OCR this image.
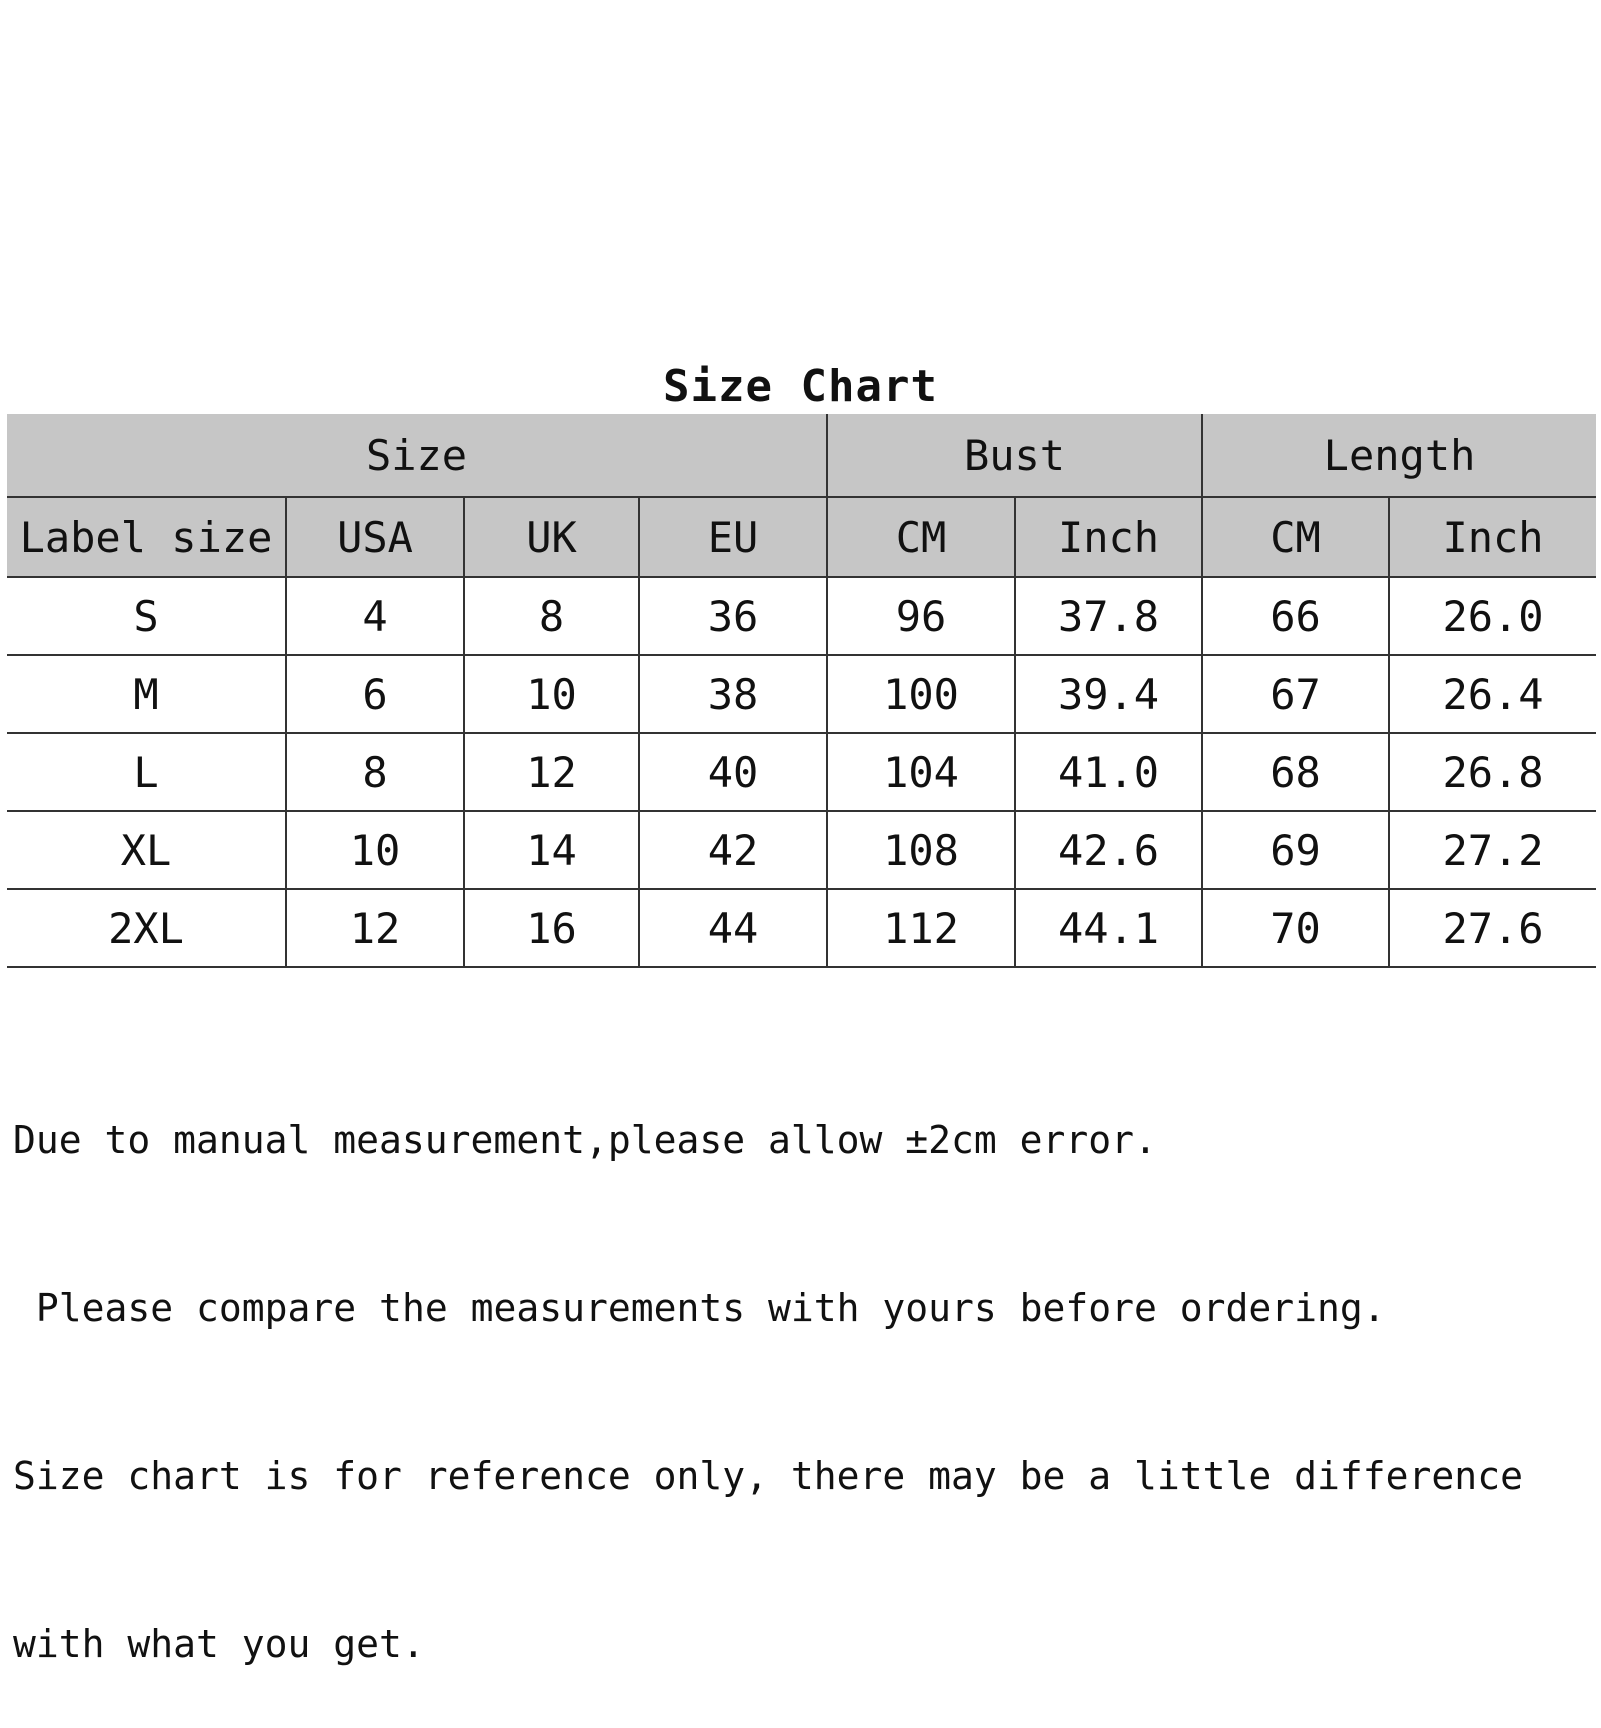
Size Chart
Size				Bust		Length	
Label size	USA	UK	EU	CM	Inch	CM	Inch
S	4	8	36	96	37.8	66	26.0
M	6	10	38	100	39.4	67	26.4
L	8	12	40	104	41.0	68	26.8
XL	10	14	42	108	42.6	69	27.2
2XL	12	16	44	112	44.1	70	27.6

Due to manual measurement,please allow ±2cm error.

Please compare the measurements with yours before ordering.

Size chart is for reference only, there may be a little difference

with what you get.
